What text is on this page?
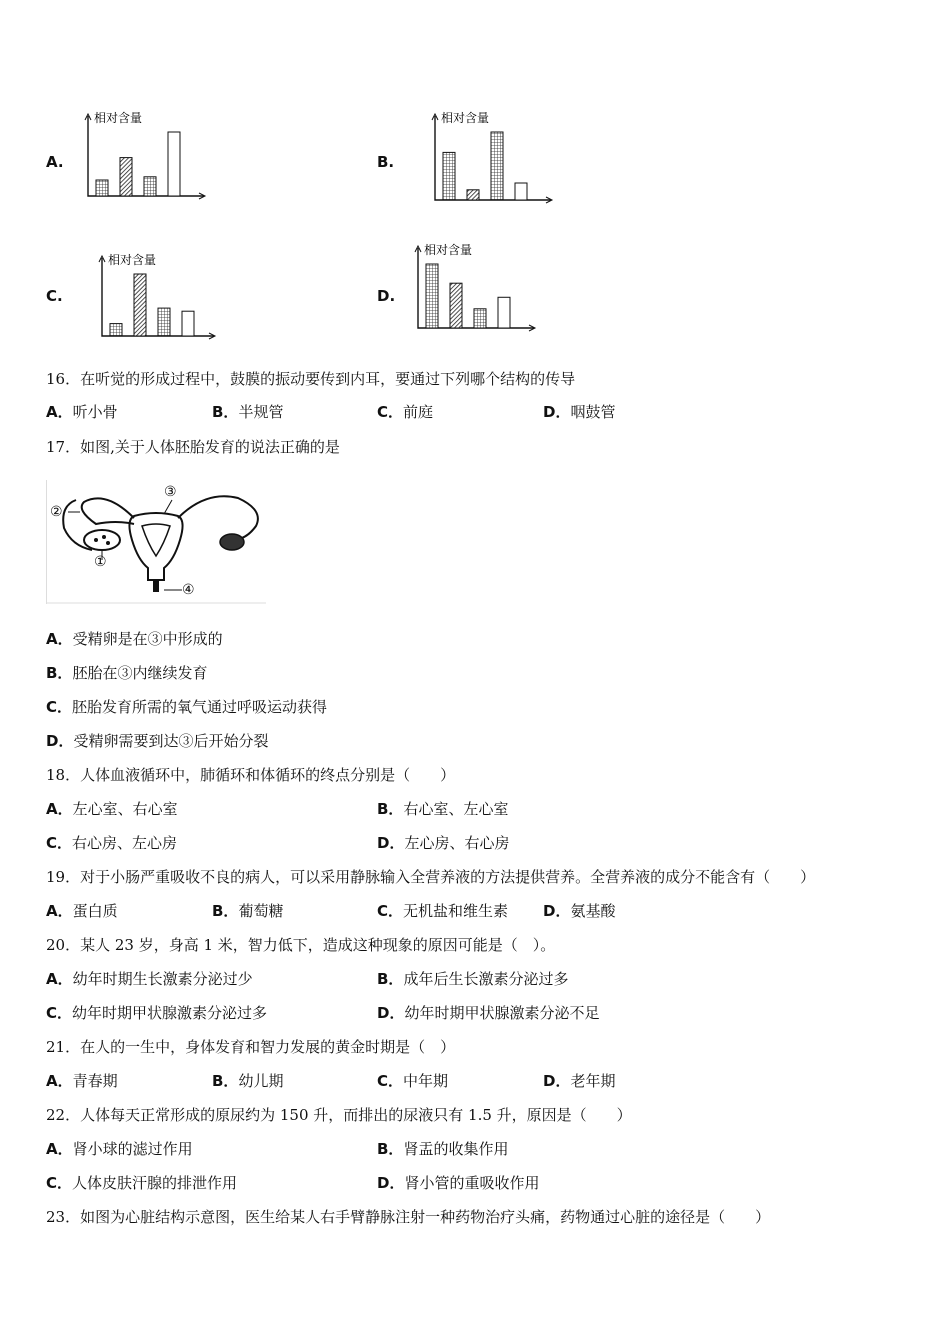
A.
相对含量
B.
相对含量
C.
相对含量
D.
相对含量
16．在听觉的形成过程中，鼓膜的振动要传到内耳，要通过下列哪个结构的传导
A．听小骨	B．半规管	C．前庭	D．咽鼓管
17．如图,关于人体胚胎发育的说法正确的是
②
①
③
④
A．受精卵是在③中形成的
B．胚胎在③内继续发育
C．胚胎发育所需的氧气通过呼吸运动获得
D．受精卵需要到达③后开始分裂
18．人体血液循环中，肺循环和体循环的终点分别是（　　）
A．左心室、右心室	B．右心室、左心室
C．右心房、左心房	D．左心房、右心房
19．对于小肠严重吸收不良的病人，可以采用静脉输入全营养液的方法提供营养。全营养液的成分不能含有（　　）
A．蛋白质	B．葡萄糖	C．无机盐和维生素 D．氨基酸
20．某人 23 岁，身高 1 米，智力低下，造成这种现象的原因可能是（　）。
A．幼年时期生长激素分泌过少	B．成年后生长激素分泌过多
C．幼年时期甲状腺激素分泌过多	D．幼年时期甲状腺激素分泌不足
21．在人的一生中，身体发育和智力发展的黄金时期是（　）
A．青春期	B．幼儿期	C．中年期	D．老年期
22．人体每天正常形成的原尿约为 150 升，而排出的尿液只有 1.5 升，原因是（　　）
A．肾小球的滤过作用	B．肾盂的收集作用
C．人体皮肤汗腺的排泄作用	D．肾小管的重吸收作用
23．如图为心脏结构示意图，医生给某人右手臂静脉注射一种药物治疗头痛，药物通过心脏的途径是（　　）
